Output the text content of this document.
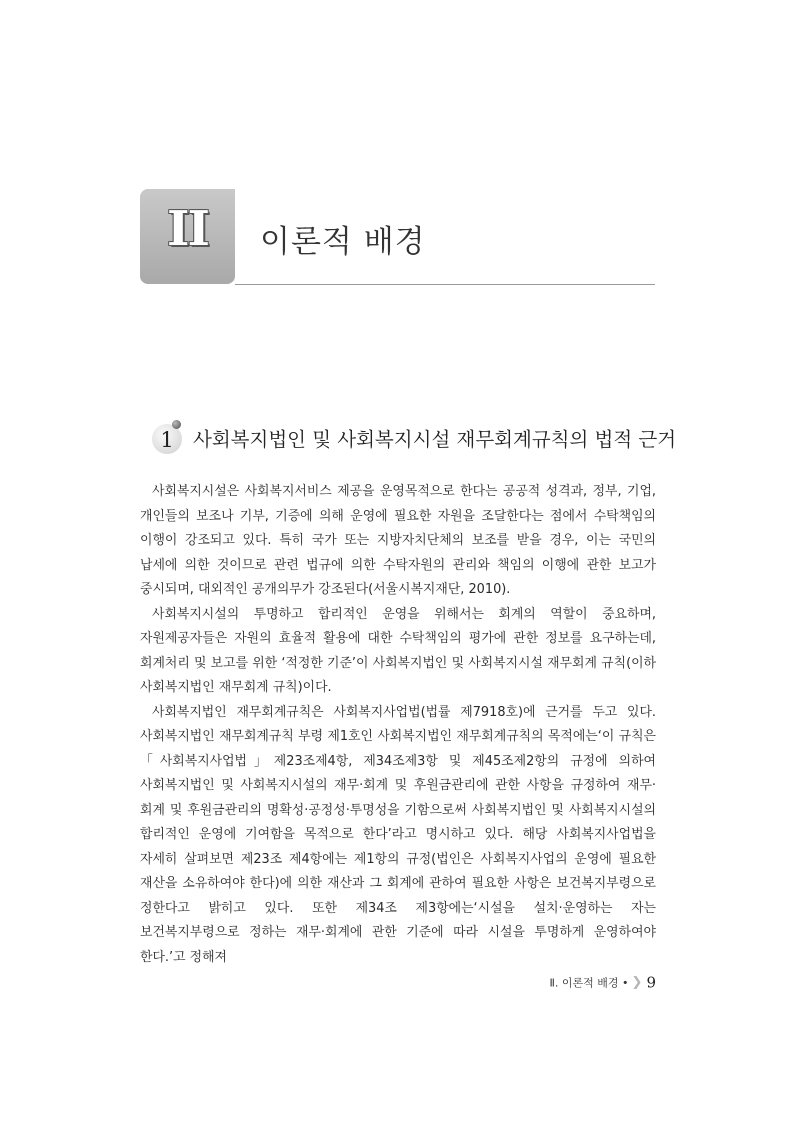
II	이론적 배경
1 사회복지법인 및 사회복지시설 재무회계규칙의 법적 근거

사회복지시설은 사회복지서비스 제공을 운영목적으로 한다는 공공적 성격과, 정부, 기업, 개인들의 보조나 기부, 기증에 의해 운영에 필요한 자원을 조달한다는 점에서 수탁책임의 이행이 강조되고 있다. 특히 국가 또는 지방자치단체의 보조를 받을 경우, 이는 국민의 납세에 의한 것이므로 관련 법규에 의한 수탁자원의 관리와 책임의 이행에 관한 보고가 중시되며, 대외적인 공개의무가 강조된다(서울시복지재단, 2010).

사회복지시설의 투명하고 합리적인 운영을 위해서는 회계의 역할이 중요하며, 자원제공자들은 자원의 효율적 활용에 대한 수탁책임의 평가에 관한 정보를 요구하는데, 회계처리 및 보고를 위한 ‘적정한 기준’이 사회복지법인 및 사회복지시설 재무회계 규칙(이하 사회복지법인 재무회계 규칙)이다.

사회복지법인 재무회계규칙은 사회복지사업법(법률 제7918호)에 근거를 두고 있다. 사회복지법인 재무회계규칙 부령 제1호인 사회복지법인 재무회계규칙의 목적에는‘이 규칙은「사회복지사업법」제23조제4항, 제34조제3항 및 제45조제2항의 규정에 의하여 사회복지법인 및 사회복지시설의 재무·회계 및 후원금관리에 관한 사항을 규정하여 재무·회계 및 후원금관리의 명확성·공정성·투명성을 기함으로써 사회복지법인 및 사회복지시설의 합리적인 운영에 기여함을 목적으로 한다’라고 명시하고 있다. 해당 사회복지사업법을 자세히 살펴보면 제23조 제4항에는 제1항의 규정(법인은 사회복지사업의 운영에 필요한 재산을 소유하여야 한다)에 의한 재산과 그 회계에 관하여 필요한 사항은 보건복지부령으로 정한다고 밝히고 있다. 또한 제34조 제3항에는‘시설을 설치·운영하는 자는 보건복지부령으로 정하는 재무·회계에 관한 기준에 따라 시설을 투명하게 운영하여야 한다.’고 정해져

Ⅱ. 이론적 배경 • ❯ 9
